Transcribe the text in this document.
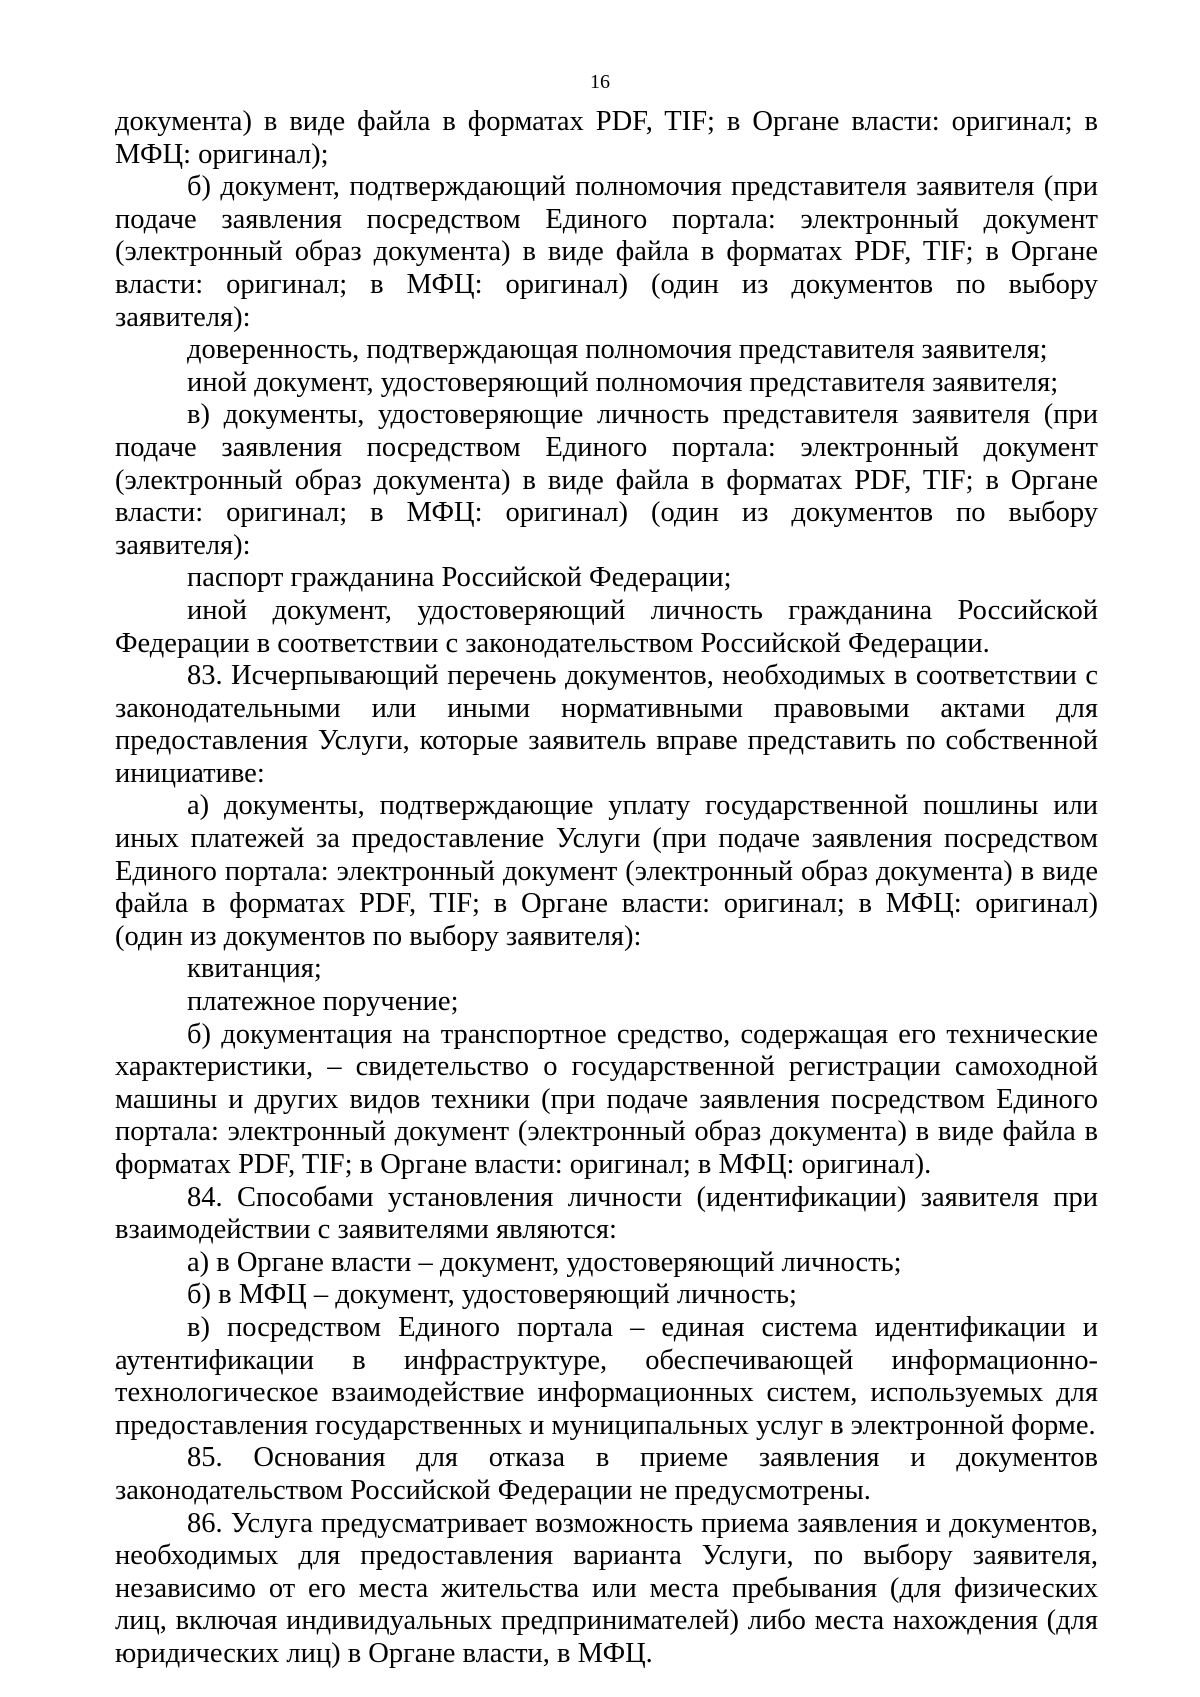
16

документа) в виде файла в форматах PDF, TIF; в Органе власти: оригинал; в МФЦ: оригинал);

б) документ, подтверждающий полномочия представителя заявителя (при подаче заявления посредством Единого портала: электронный документ (электронный образ документа) в виде файла в форматах PDF, TIF; в Органе власти: оригинал; в МФЦ: оригинал) (один из документов по выбору заявителя):

доверенность, подтверждающая полномочия представителя заявителя;

иной документ, удостоверяющий полномочия представителя заявителя;

в) документы, удостоверяющие личность представителя заявителя (при подаче заявления посредством Единого портала: электронный документ (электронный образ документа) в виде файла в форматах PDF, TIF; в Органе власти: оригинал; в МФЦ: оригинал) (один из документов по выбору заявителя):

паспорт гражданина Российской Федерации;

иной документ, удостоверяющий личность гражданина Российской Федерации в соответствии с законодательством Российской Федерации.

83. Исчерпывающий перечень документов, необходимых в соответствии с законодательными или иными нормативными правовыми актами для предоставления Услуги, которые заявитель вправе представить по собственной инициативе:

а) документы, подтверждающие уплату государственной пошлины или иных платежей за предоставление Услуги (при подаче заявления посредством Единого портала: электронный документ (электронный образ документа) в виде файла в форматах PDF, TIF; в Органе власти: оригинал; в МФЦ: оригинал) (один из документов по выбору заявителя):

квитанция;

платежное поручение;

б) документация на транспортное средство, содержащая его технические характеристики, – свидетельство о государственной регистрации самоходной машины и других видов техники (при подаче заявления посредством Единого портала: электронный документ (электронный образ документа) в виде файла в форматах PDF, TIF; в Органе власти: оригинал; в МФЦ: оригинал).

84. Способами установления личности (идентификации) заявителя при взаимодействии с заявителями являются:

а) в Органе власти – документ, удостоверяющий личность;

б) в МФЦ – документ, удостоверяющий личность;

в) посредством Единого портала – единая система идентификации и аутентификации в инфраструктуре, обеспечивающей информационно-технологическое взаимодействие информационных систем, используемых для предоставления государственных и муниципальных услуг в электронной форме.

85. Основания для отказа в приеме заявления и документов законодательством Российской Федерации не предусмотрены.

86. Услуга предусматривает возможность приема заявления и документов, необходимых для предоставления варианта Услуги, по выбору заявителя, независимо от его места жительства или места пребывания (для физических лиц, включая индивидуальных предпринимателей) либо места нахождения (для юридических лиц) в Органе власти, в МФЦ.
